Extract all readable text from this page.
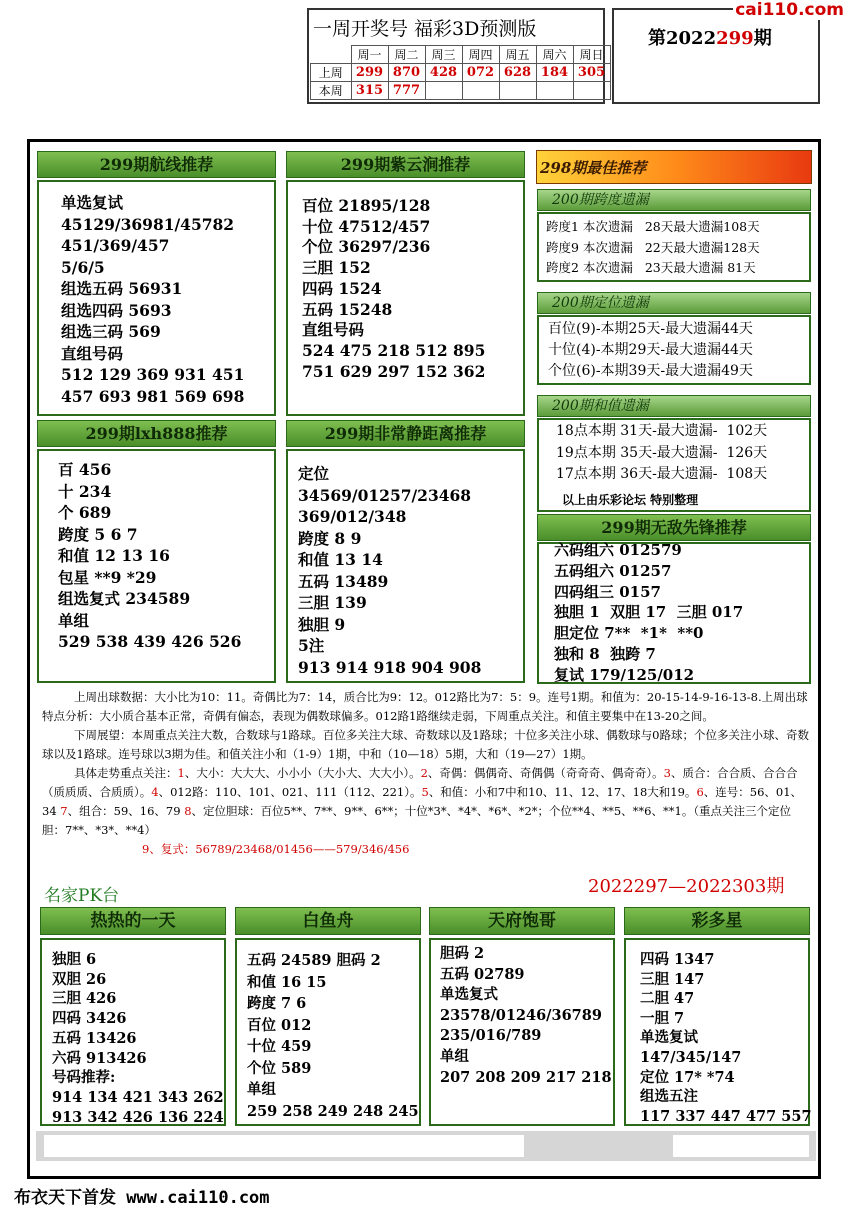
一周开奖号 福彩3D预测版
	周一	周二	周三	周四	周五	周六	周日
上周	299	870	428	072	628	184	305
本周	315	777					
第2022299期
cai110.com
299期航线推荐
单选复试
45129/36981/45782
451/369/457
5/6/5
组选五码 56931
组选四码 5693
组选三码 569
直组号码
512 129 369 931 451
457 693 981 569 698
299期lxh888推荐
百 456
十 234
个 689
跨度 5 6 7
和值 12 13 16
包星 **9 *29
组选复式 234589
单组
529 538 439 426 526
299期紫云涧推荐
百位 21895/128
十位 47512/457
个位 36297/236
三胆 152
四码 1524
五码 15248
直组号码
524 475 218 512 895
751 629 297 152 362
299期非常静距离推荐
定位
34569/01257/23468
369/012/348
跨度 8 9
和值 13 14
五码 13489
三胆 139
独胆 9
5注
913 914 918 904 908
298期最佳推荐
200期跨度遗漏
跨度1 本次遗漏   28天最大遗漏108天
跨度9 本次遗漏   22天最大遗漏128天
跨度2 本次遗漏   23天最大遗漏 81天
200期定位遗漏
百位(9)-本期25天-最大遗漏44天
十位(4)-本期29天-最大遗漏44天
个位(6)-本期39天-最大遗漏49天
200期和值遗漏
18点本期 31天-最大遗漏-  102天
19点本期 35天-最大遗漏-  126天
17点本期 36天-最大遗漏-  108天
以上由乐彩论坛 特别整理
299期无敌先锋推荐
六码组六 012579
五码组六 01257
四码组三 0157
独胆 1  双胆 17  三胆 017
胆定位 7**  *1*  **0
独和 8  独跨 7
复试 179/125/012

上周出球数据：大小比为10：11。奇偶比为7：14，质合比为9：12。012路比为7：5：9。连号1期。和值为：20-15-14-9-16-13-8.上周出球特点分析：大小质合基本正常，奇偶有偏态，表现为偶数球偏多。012路1路继续走弱，下周重点关注。和值主要集中在13-20之间。

下周展望：本周重点关注大数，合数球与1路球。百位多关注大球、奇数球以及1路球；十位多关注小球、偶数球与0路球；个位多关注小球、奇数球以及1路球。连号球以3期为佳。和值关注小和（1-9）1期，中和（10—18）5期，大和（19—27）1期。

具体走势重点关注：1、大小：大大大、小小小（大小大、大大小）。2、奇偶：偶偶奇、奇偶偶（奇奇奇、偶奇奇）。3、质合：合合质、合合合（质质质、合质质）。4、012路：110、101、021、111（112、221）。5、和值：小和7中和10、11、12、17、18大和19。6、连号：56、01、34 7、组合：59、16、79 8、定位胆球：百位5**、7**、9**、6**；十位*3*、*4*、*6*、*2*；个位**4、**5、**6、**1。（重点关注三个定位胆：7**、*3*、**4）

9、复式：56789/23468/01456——579/346/456

名家PK台	2022297—2022303期
热热的一天
独胆 6
双胆 26
三胆 426
四码 3426
五码 13426
六码 913426
号码推荐:
914 134 421 343 262
913 342 426 136 224
白鱼舟
五码 24589 胆码 2
和值 16 15
跨度 7 6
百位 012
十位 459
个位 589
单组
259 258 249 248 245
天府饱哥
胆码 2
五码 02789
单选复式
23578/01246/36789
235/016/789
单组
207 208 209 217 218
彩多星
四码 1347
三胆 147
二胆 47
一胆 7
单选复试
147/345/147
定位 17* *74
组选五注
117 337 447 477 557
布衣天下首发 www.cai110.com
